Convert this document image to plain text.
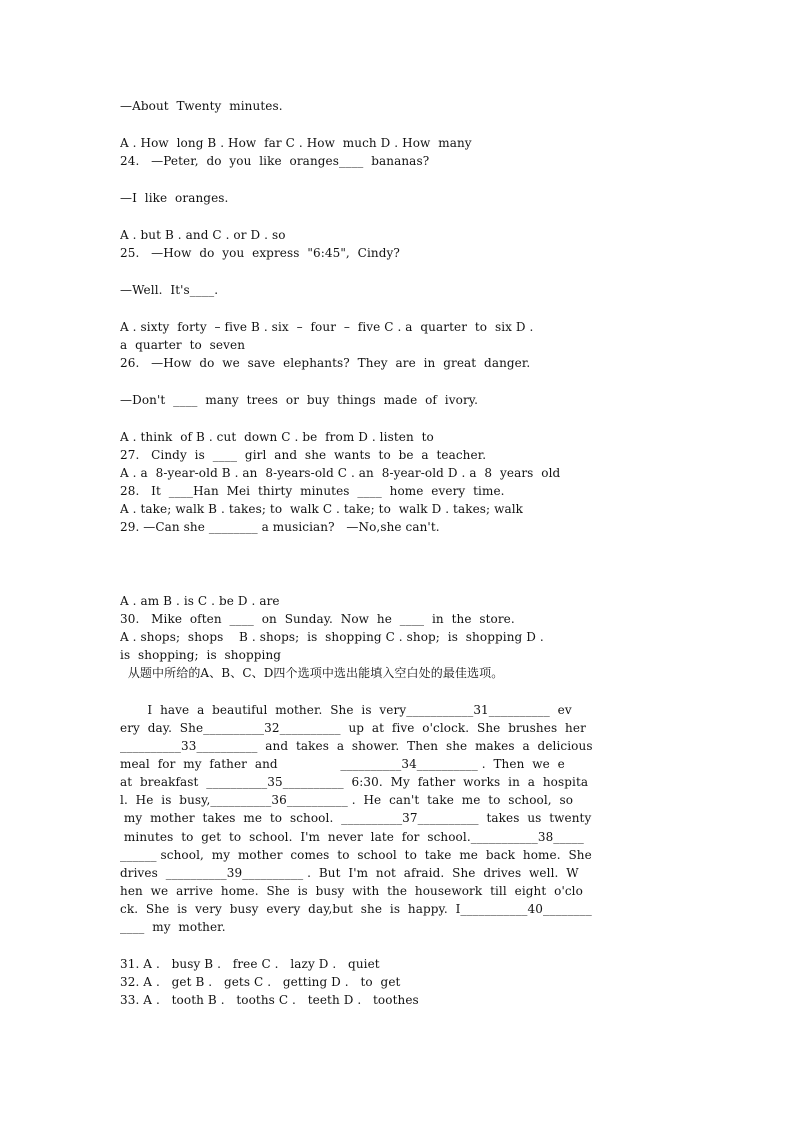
—About  Twenty  minutes.
A . How  long B . How  far C . How  much D . How  many
24.   —Peter,  do  you  like  oranges____  bananas?
—I  like  oranges.
A . but B . and C . or D . so
25.   —How  do  you  express  "6:45",  Cindy?
—Well.  It's____.
A . sixty  forty  – five B . six  –  four  –  five C . a  quarter  to  six D .
a  quarter  to  seven
26.   —How  do  we  save  elephants?  They  are  in  great  danger.
—Don't  ____  many  trees  or  buy  things  made  of  ivory.
A . think  of B . cut  down C . be  from D . listen  to
27.   Cindy  is  ____  girl  and  she  wants  to  be  a  teacher.
A . a  8-year-old B . an  8-years-old C . an  8-year-old D . a  8  years  old
28.   It  ____Han  Mei  thirty  minutes  ____  home  every  time.
A . take; walk B . takes; to  walk C . take; to  walk D . takes; walk
29. —Can she ________ a musician?   —No,she can't.
A . am B . is C . be D . are
30.   Mike  often  ____  on  Sunday.  Now  he  ____  in  the  store.
A . shops;  shops    B . shops;  is  shopping C . shop;  is  shopping D .
is  shopping;  is  shopping
从题中所给的A、B、C、D四个选项中选出能填入空白处的最佳选项。
I  have  a  beautiful  mother.  She  is  very___________31__________  ev
ery  day.  She__________32__________  up  at  five  o'clock.  She  brushes  her
__________33__________  and  takes  a  shower.  Then  she  makes  a  delicious
meal  for  my  father  and                __________34__________ .  Then  we  e
at  breakfast  __________35__________  6:30.  My  father  works  in  a  hospita
l.  He  is  busy,__________36__________ .  He  can't  take  me  to  school,  so
my  mother  takes  me  to  school.  __________37__________  takes  us  twenty
minutes  to  get  to  school.  I'm  never  late  for  school.___________38_____
______ school,  my  mother  comes  to  school  to  take  me  back  home.  She
drives  __________39__________ .  But  I'm  not  afraid.  She  drives  well.  W
hen  we  arrive  home.  She  is  busy  with  the  housework  till  eight  o'clo
ck.  She  is  very  busy  every  day,but  she  is  happy.  I___________40________
____  my  mother.
31. A .   busy B .   free C .   lazy D .   quiet
32. A .   get B .   gets C .   getting D .   to  get
33. A .   tooth B .   tooths C .   teeth D .   toothes
